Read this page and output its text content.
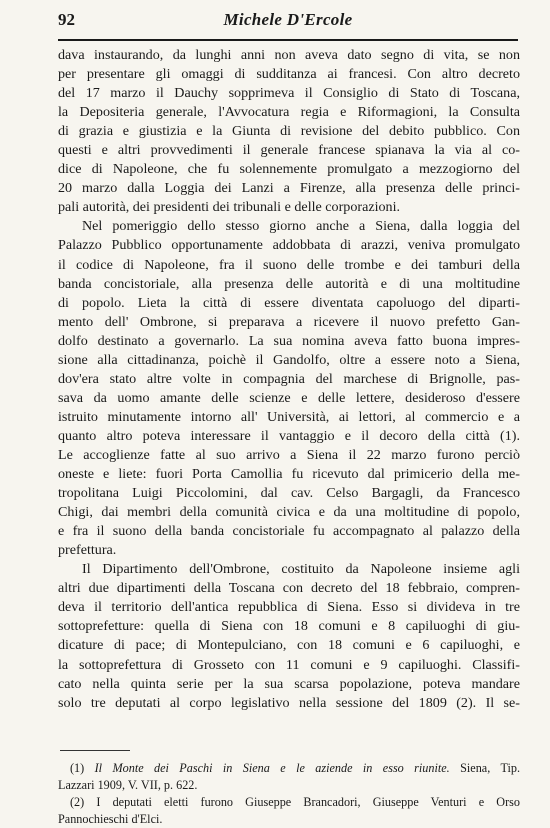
92	Michele D'Ercole
dava instaurando, da lunghi anni non aveva dato segno di vita, se non
per presentare gli omaggi di sudditanza ai francesi. Con altro decreto
del 17 marzo il Dauchy sopprimeva il Consiglio di Stato di Toscana,
la Depositeria generale, l'Avvocatura regia e Riformagioni, la Consulta
di grazia e giustizia e la Giunta di revisione del debito pubblico. Con
questi e altri provvedimenti il generale francese spianava la via al co-
dice di Napoleone, che fu solennemente promulgato a mezzogiorno del
20 marzo dalla Loggia dei Lanzi a Firenze, alla presenza delle princi-
pali autorità, dei presidenti dei tribunali e delle corporazioni.
Nel pomeriggio dello stesso giorno anche a Siena, dalla loggia del
Palazzo Pubblico opportunamente addobbata di arazzi, veniva promulgato
il codice di Napoleone, fra il suono delle trombe e dei tamburi della
banda concistoriale, alla presenza delle autorità e di una moltitudine
di popolo. Lieta la città di essere diventata capoluogo del diparti-
mento dell' Ombrone, si preparava a ricevere il nuovo prefetto Gan-
dolfo destinato a governarlo. La sua nomina aveva fatto buona impres-
sione alla cittadinanza, poichè il Gandolfo, oltre a essere noto a Siena,
dov'era stato altre volte in compagnia del marchese di Brignolle, pas-
sava da uomo amante delle scienze e delle lettere, desideroso d'essere
istruito minutamente intorno all' Università, ai lettori, al commercio e a
quanto altro poteva interessare il vantaggio e il decoro della città (1).
Le accoglienze fatte al suo arrivo a Siena il 22 marzo furono perciò
oneste e liete: fuori Porta Camollia fu ricevuto dal primicerio della me-
tropolitana Luigi Piccolomini, dal cav. Celso Bargagli, da Francesco
Chigi, dai membri della comunità civica e da una moltitudine di popolo,
e fra il suono della banda concistoriale fu accompagnato al palazzo della
prefettura.
Il Dipartimento dell'Ombrone, costituito da Napoleone insieme agli
altri due dipartimenti della Toscana con decreto del 18 febbraio, compren-
deva il territorio dell'antica repubblica di Siena. Esso si divideva in tre
sottoprefetture: quella di Siena con 18 comuni e 8 capiluoghi di giu-
dicature di pace; di Montepulciano, con 18 comuni e 6 capiluoghi, e
la sottoprefettura di Grosseto con 11 comuni e 9 capiluoghi. Classifi-
cato nella quinta serie per la sua scarsa popolazione, poteva mandare
solo tre deputati al corpo legislativo nella sessione del 1809 (2). Il se-
(1) Il Monte dei Paschi in Siena e le aziende in esso riunite. Siena, Tip.
Lazzari 1909, V. VII, p. 622.
(2) I deputati eletti furono Giuseppe Brancadori, Giuseppe Venturi e Orso
Pannochieschi d'Elci.
